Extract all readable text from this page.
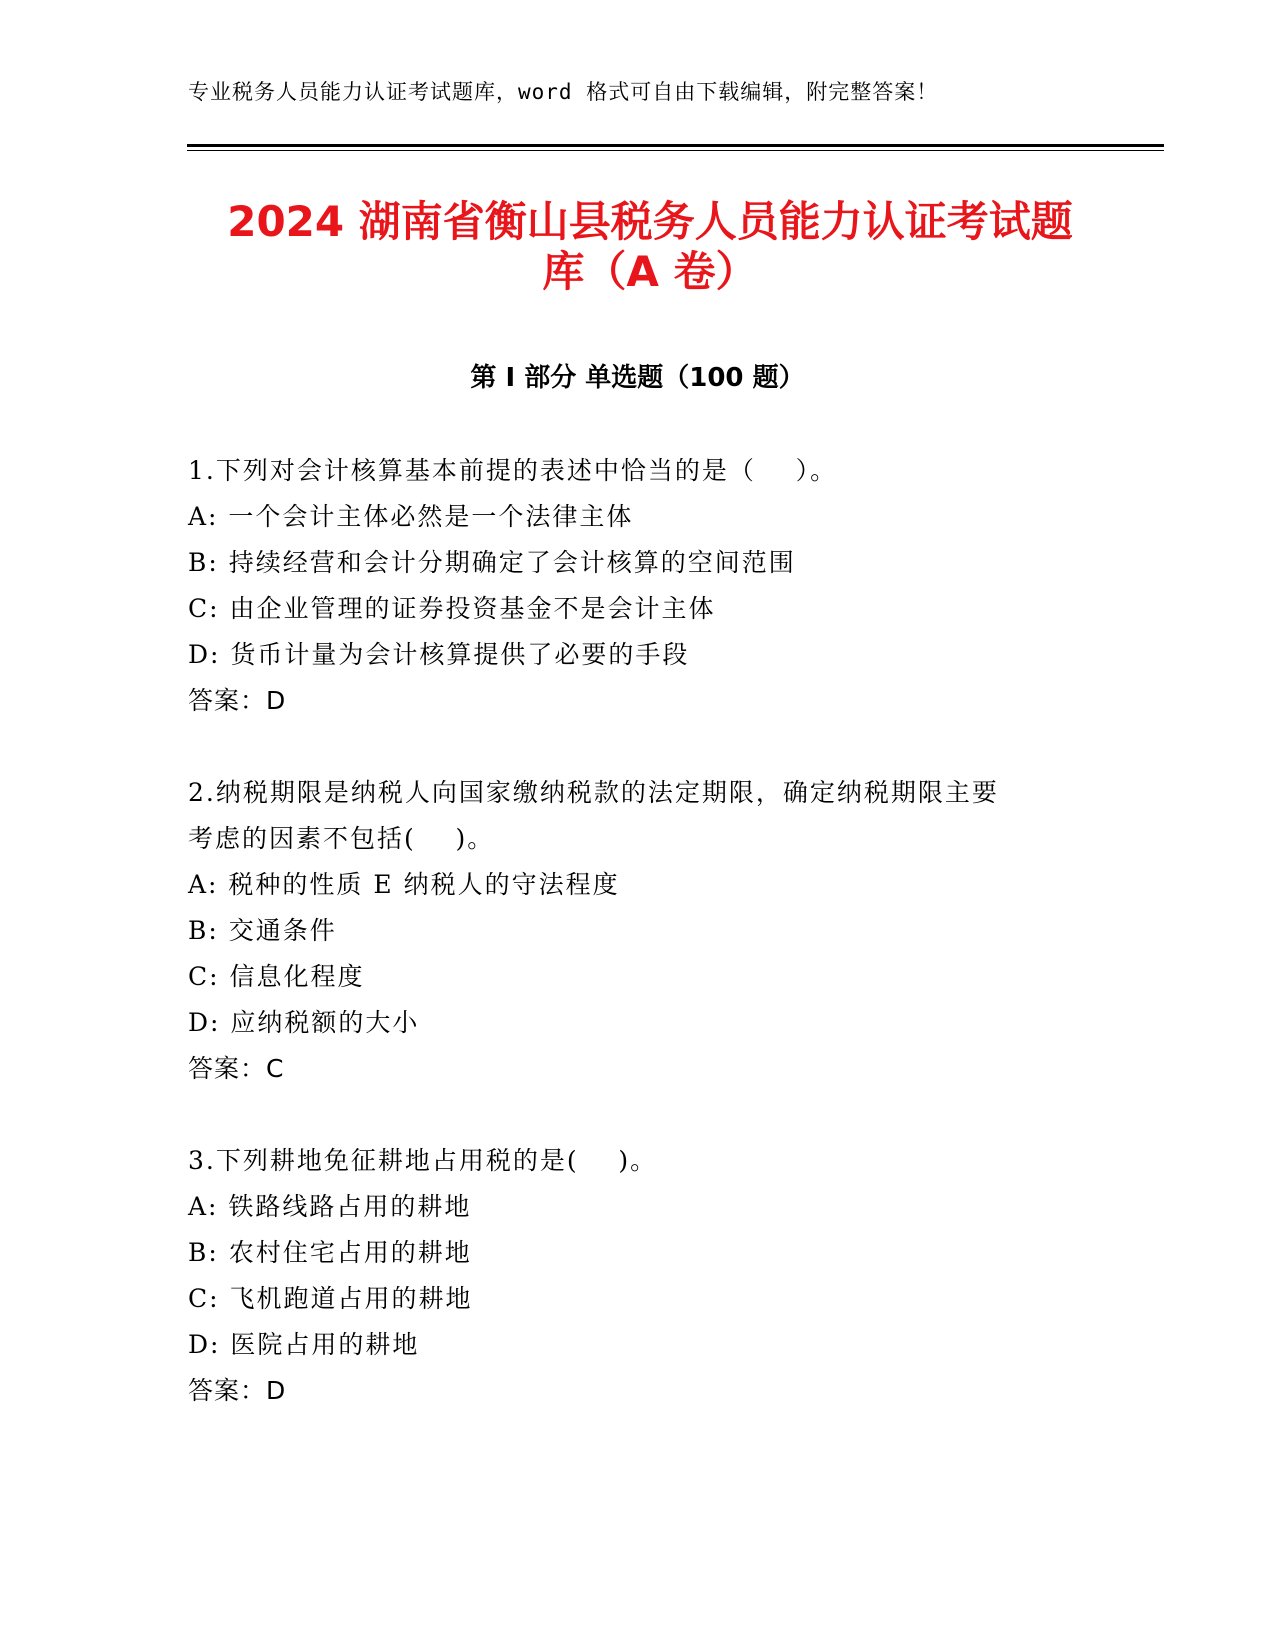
专业税务人员能力认证考试题库，word 格式可自由下载编辑，附完整答案！
2024 湖南省衡山县税务人员能力认证考试题
库（A 卷）
第 I 部分 单选题（100 题）
1.下列对会计核算基本前提的表述中恰当的是（    ）。
A: 一个会计主体必然是一个法律主体
B: 持续经营和会计分期确定了会计核算的空间范围
C: 由企业管理的证券投资基金不是会计主体
D: 货币计量为会计核算提供了必要的手段
答案：D
2.纳税期限是纳税人向国家缴纳税款的法定期限，确定纳税期限主要
考虑的因素不包括(    )。
A: 税种的性质 E 纳税人的守法程度
B: 交通条件
C: 信息化程度
D: 应纳税额的大小
答案：C
3.下列耕地免征耕地占用税的是(    )。
A: 铁路线路占用的耕地
B: 农村住宅占用的耕地
C: 飞机跑道占用的耕地
D: 医院占用的耕地
答案：D
